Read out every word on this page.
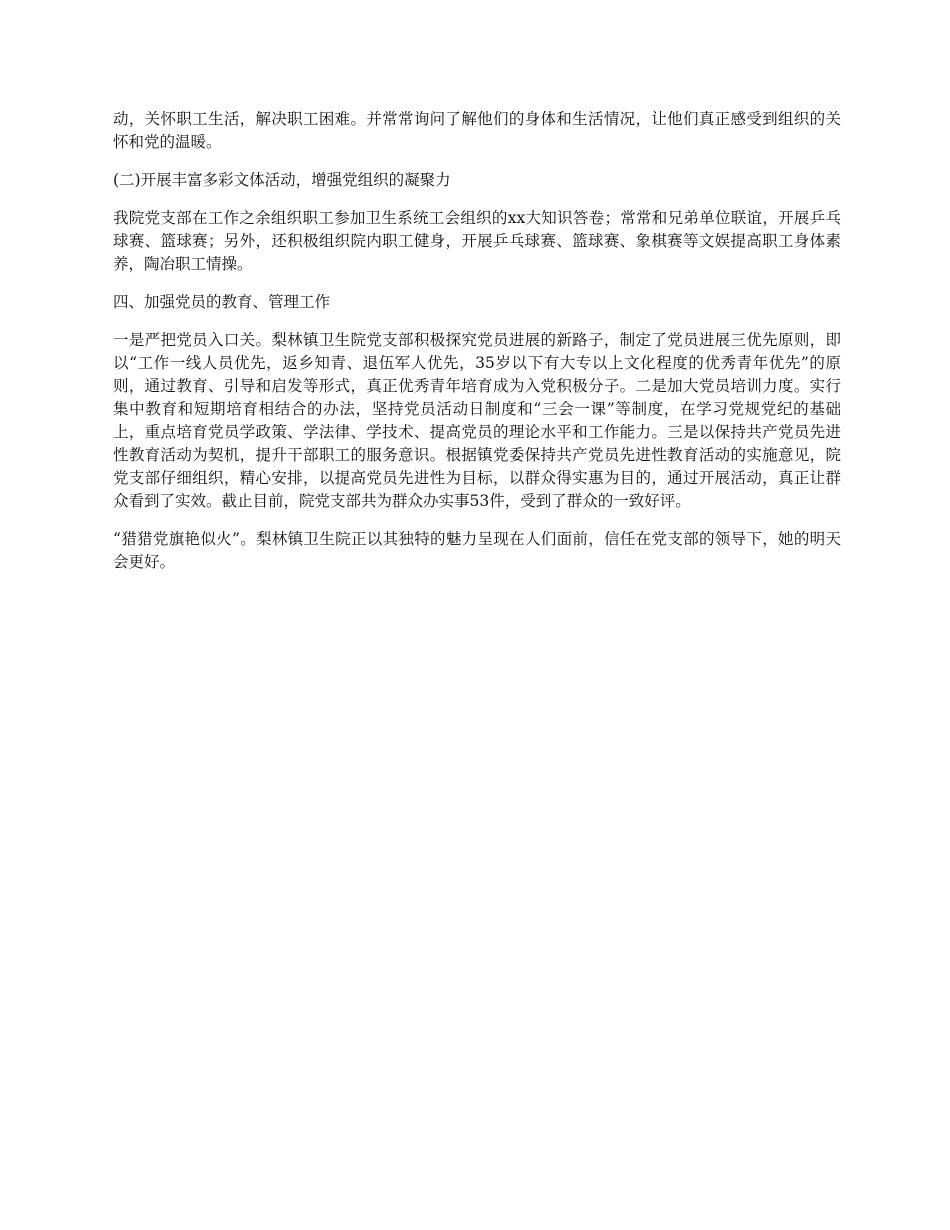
动，关怀职工生活，解决职工困难。并常常询问了解他们的身体和生活情况，让他们真正感受到组织的关怀和党的温暖。

(二)开展丰富多彩文体活动，增强党组织的凝聚力

我院党支部在工作之余组织职工参加卫生系统工会组织的xx大知识答卷；常常和兄弟单位联谊，开展乒乓球赛、篮球赛；另外，还积极组织院内职工健身，开展乒乓球赛、篮球赛、象棋赛等文娱提高职工身体素养，陶冶职工情操。

四、加强党员的教育、管理工作

一是严把党员入口关。梨林镇卫生院党支部积极探究党员进展的新路子，制定了党员进展三优先原则，即以“工作一线人员优先，返乡知青、退伍军人优先，35岁以下有大专以上文化程度的优秀青年优先”的原则，通过教育、引导和启发等形式，真正优秀青年培育成为入党积极分子。二是加大党员培训力度。实行集中教育和短期培育相结合的办法，坚持党员活动日制度和“三会一课”等制度，在学习党规党纪的基础上，重点培育党员学政策、学法律、学技术、提高党员的理论水平和工作能力。三是以保持共产党员先进性教育活动为契机，提升干部职工的服务意识。根据镇党委保持共产党员先进性教育活动的实施意见，院党支部仔细组织，精心安排，以提高党员先进性为目标，以群众得实惠为目的，通过开展活动，真正让群众看到了实效。截止目前，院党支部共为群众办实事53件，受到了群众的一致好评。

“猎猎党旗艳似火”。梨林镇卫生院正以其独特的魅力呈现在人们面前，信任在党支部的领导下，她的明天会更好。
